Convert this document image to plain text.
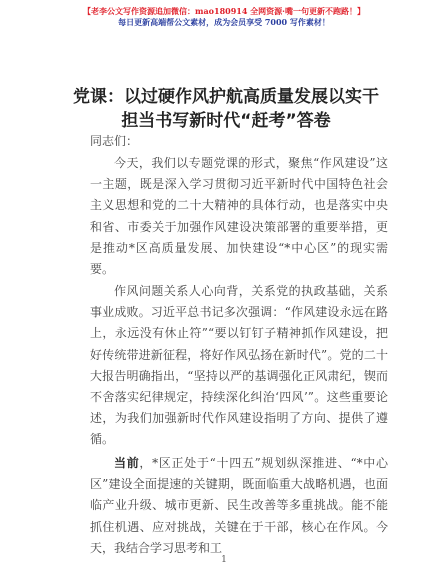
【老李公文写作资源追加微信：mao180914 全网资源·嘴一句更新不跑路！】
每日更新高端帮公文素材，成为会员享受 7000 写作素材！
党课：以过硬作风护航高质量发展以实干担当书写新时代“赶考”答卷
同志们：

今天，我们以专题党课的形式，聚焦“作风建设”这一主题，既是深入学习贯彻习近平新时代中国特色社会主义思想和党的二十大精神的具体行动，也是落实中央和省、市委关于加强作风建设决策部署的重要举措，更是推动*区高质量发展、加快建设“*中心区”的现实需要。

作风问题关系人心向背，关系党的执政基础，关系事业成败。习近平总书记多次强调：“作风建设永远在路上，永远没有休止符”“要以钉钉子精神抓作风建设，把好传统带进新征程，将好作风弘扬在新时代”。党的二十大报告明确指出，“坚持以严的基调强化正风肃纪，锲而不舍落实纪律规定，持续深化纠治‘四风’”。这些重要论述，为我们加强新时代作风建设指明了方向、提供了遵循。

当前，*区正处于“十四五”规划纵深推进、“*中心区”建设全面提速的关键期，既面临重大战略机遇，也面临产业升级、城市更新、民生改善等多重挑战。能不能抓住机遇、应对挑战，关键在于干部，核心在作风。今天，我结合学习思考和工

1
